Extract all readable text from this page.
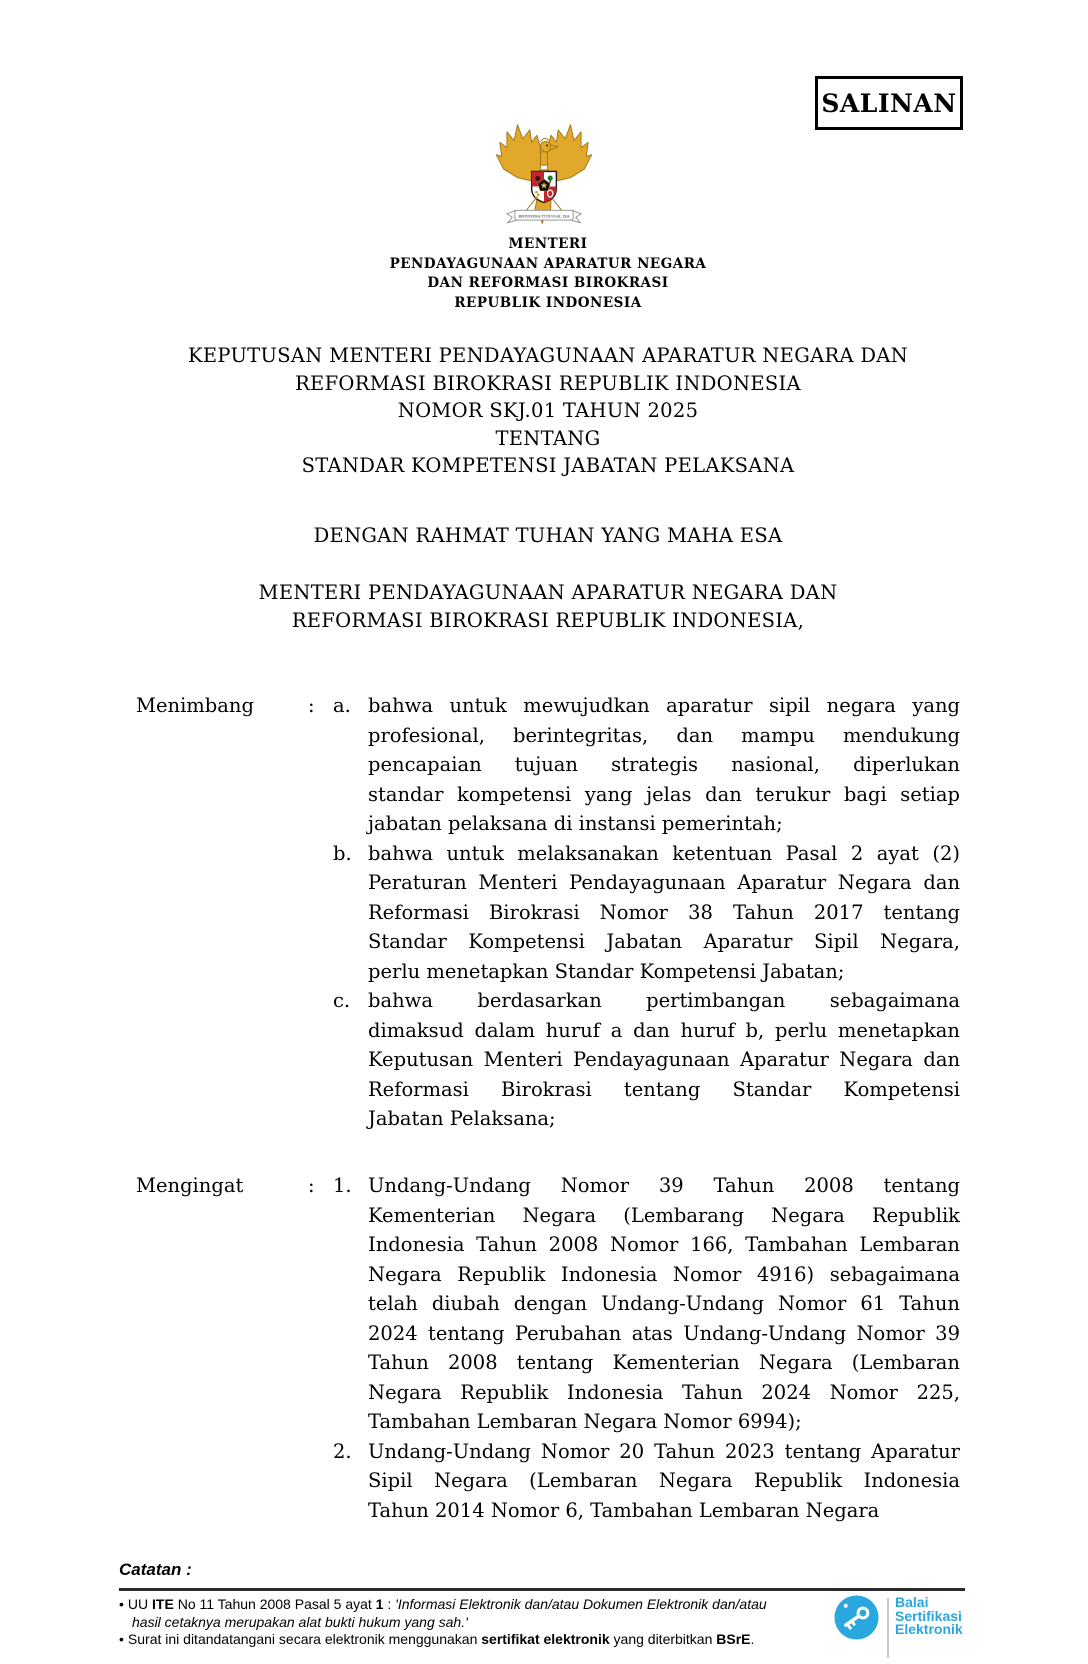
SALINAN
BHINNEKA TUNGGAL IKA
MENTERI
PENDAYAGUNAAN APARATUR NEGARA
DAN REFORMASI BIROKRASI
REPUBLIK INDONESIA
KEPUTUSAN MENTERI PENDAYAGUNAAN APARATUR NEGARA DAN
REFORMASI BIROKRASI REPUBLIK INDONESIA
NOMOR SKJ.01 TAHUN 2025
TENTANG
STANDAR KOMPETENSI JABATAN PELAKSANA
DENGAN RAHMAT TUHAN YANG MAHA ESA
MENTERI PENDAYAGUNAAN APARATUR NEGARA DAN
REFORMASI BIROKRASI REPUBLIK INDONESIA,
Menimbang	: a. bahwa untuk mewujudkan aparatur sipil negara yang
profesional, berintegritas, dan mampu mendukung
pencapaian tujuan strategis nasional, diperlukan
standar kompetensi yang jelas dan terukur bagi setiap
jabatan pelaksana di instansi pemerintah;
b. bahwa untuk melaksanakan ketentuan Pasal 2 ayat (2)
Peraturan Menteri Pendayagunaan Aparatur Negara dan
Reformasi Birokrasi Nomor 38 Tahun 2017 tentang
Standar Kompetensi Jabatan Aparatur Sipil Negara,
perlu menetapkan Standar Kompetensi Jabatan;
c. bahwa berdasarkan pertimbangan sebagaimana
dimaksud dalam huruf a dan huruf b, perlu menetapkan
Keputusan Menteri Pendayagunaan Aparatur Negara dan
Reformasi Birokrasi tentang Standar Kompetensi
Jabatan Pelaksana;
Mengingat	: 1. Undang-Undang Nomor 39 Tahun 2008 tentang
Kementerian Negara (Lembarang Negara Republik
Indonesia Tahun 2008 Nomor 166, Tambahan Lembaran
Negara Republik Indonesia Nomor 4916) sebagaimana
telah diubah dengan Undang-Undang Nomor 61 Tahun
2024 tentang Perubahan atas Undang-Undang Nomor 39
Tahun 2008 tentang Kementerian Negara (Lembaran
Negara Republik Indonesia Tahun 2024 Nomor 225,
Tambahan Lembaran Negara Nomor 6994);
2. Undang-Undang Nomor 20 Tahun 2023 tentang Aparatur
Sipil Negara (Lembaran Negara Republik Indonesia
Tahun 2014 Nomor 6, Tambahan Lembaran Negara
Catatan :
• UU ITE No 11 Tahun 2008 Pasal 5 ayat 1 : 'Informasi Elektronik dan/atau Dokumen Elektronik dan/atau hasil cetaknya merupakan alat bukti hukum yang sah.'
• Surat ini ditandatangani secara elektronik menggunakan sertifikat elektronik yang diterbitkan BSrE.
Balai
Sertifikasi
Elektronik
